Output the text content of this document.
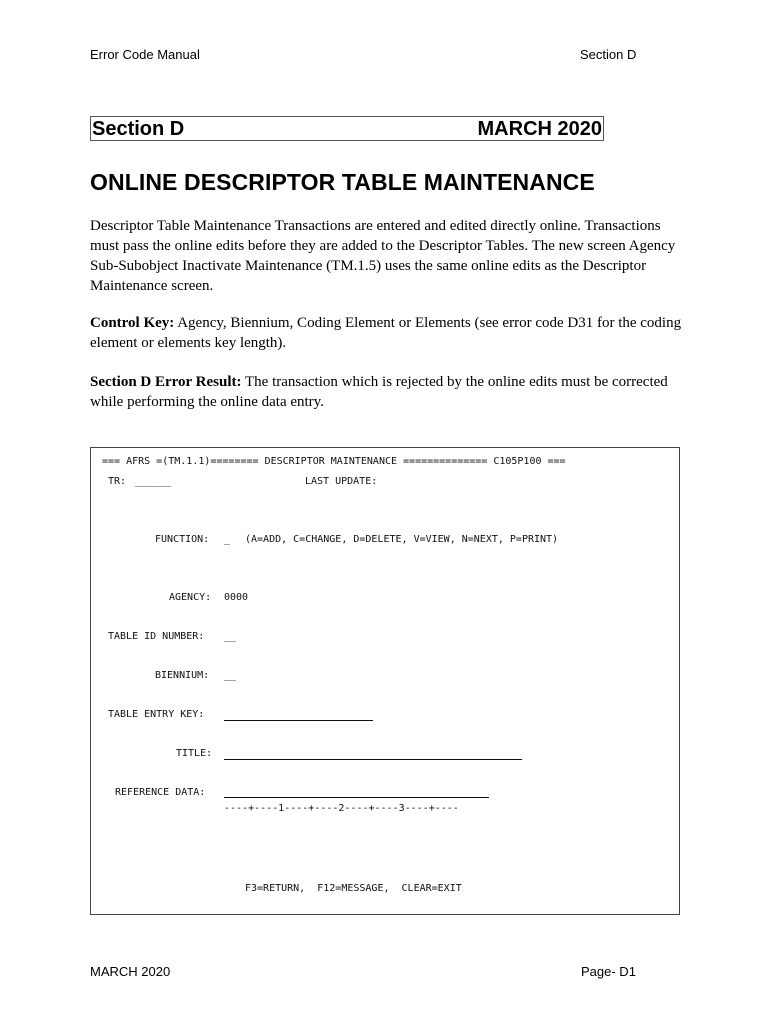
Error Code Manual	Section D
Section D	MARCH 2020
ONLINE DESCRIPTOR TABLE MAINTENANCE
Descriptor Table Maintenance Transactions are entered and edited directly online. Transactions must pass the online edits before they are added to the Descriptor Tables. The new screen Agency Sub-Subobject Inactivate Maintenance (TM.1.5) uses the same online edits as the Descriptor Maintenance screen.
Control Key: Agency, Biennium, Coding Element or Elements (see error code D31 for the coding element or elements key length).
Section D Error Result: The transaction which is rejected by the online edits must be corrected while performing the online data entry.
=== AFRS =(TM.1.1)======== DESCRIPTOR MAINTENANCE ============== C105P100 ===
TR: ______	LAST UPDATE:
FUNCTION: _ (A=ADD, C=CHANGE, D=DELETE, V=VIEW, N=NEXT, P=PRINT)
AGENCY: 0000
TABLE ID NUMBER: __
BIENNIUM: __
TABLE ENTRY KEY:
TITLE:
REFERENCE DATA:
----+----1----+----2----+----3----+----
F3=RETURN,  F12=MESSAGE,  CLEAR=EXIT
MARCH 2020	Page- D1
